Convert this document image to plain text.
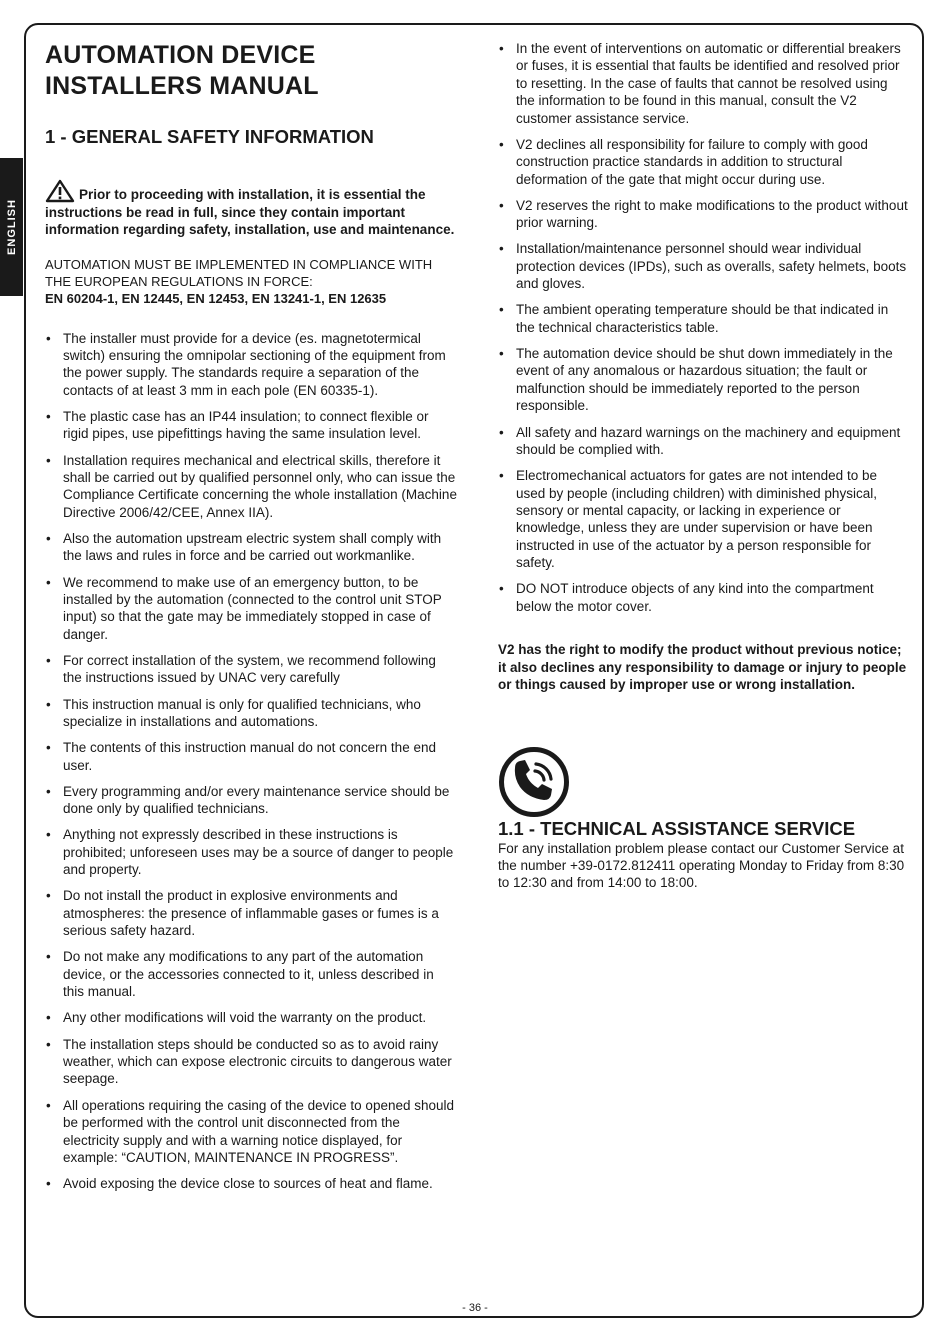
ENGLISH
AUTOMATION DEVICE
INSTALLERS MANUAL
1 - GENERAL SAFETY INFORMATION
Prior to proceeding with installation, it is essential the instructions be read in full, since they contain important information regarding safety, installation, use and maintenance.
AUTOMATION MUST BE IMPLEMENTED IN COMPLIANCE WITH
THE EUROPEAN REGULATIONS IN FORCE:
EN 60204-1, EN 12445, EN 12453, EN 13241-1, EN 12635
• The installer must provide for a device (es. magnetotermical switch) ensuring the omnipolar sectioning of the equipment from the power supply. The standards require a separation of the contacts of at least 3 mm in each pole (EN 60335-1).
• The plastic case has an IP44 insulation; to connect flexible or rigid pipes, use pipefittings having the same insulation level.
• Installation requires mechanical and electrical skills, therefore it shall be carried out by qualified personnel only, who can issue the Compliance Certificate concerning the whole installation (Machine Directive 2006/42/CEE, Annex IIA).
• Also the automation upstream electric system shall comply with the laws and rules in force and be carried out workmanlike.
• We recommend to make use of an emergency button, to be installed by the automation (connected to the control unit STOP input) so that the gate may be immediately stopped in case of danger.
• For correct installation of the system, we recommend following the instructions issued by UNAC very carefully
• This instruction manual is only for qualified technicians, who specialize in installations and automations.
• The contents of this instruction manual do not concern the end user.
• Every programming and/or every maintenance service should be done only by qualified technicians.
• Anything not expressly described in these instructions is prohibited; unforeseen uses may be a source of danger to people and property.
• Do not install the product in explosive environments and atmospheres: the presence of inflammable gases or fumes is a serious safety hazard.
• Do not make any modifications to any part of the automation device, or the accessories connected to it, unless described in this manual.
• Any other modifications will void the warranty on the product.
• The installation steps should be conducted so as to avoid rainy weather, which can expose electronic circuits to dangerous water seepage.
• All operations requiring the casing of the device to opened should be performed with the control unit disconnected from the electricity supply and with a warning notice displayed, for example: “CAUTION, MAINTENANCE IN PROGRESS”.
• Avoid exposing the device close to sources of heat and flame.
• In the event of interventions on automatic or differential breakers or fuses, it is essential that faults be identified and resolved prior to resetting. In the case of faults that cannot be resolved using the information to be found in this manual, consult the V2 customer assistance service.
• V2 declines all responsibility for failure to comply with good construction practice standards in addition to structural deformation of the gate that might occur during use.
• V2 reserves the right to make modifications to the product without prior warning.
• Installation/maintenance personnel should wear individual protection devices (IPDs), such as overalls, safety helmets, boots and gloves.
• The ambient operating temperature should be that indicated in the technical characteristics table.
• The automation device should be shut down immediately in the event of any anomalous or hazardous situation; the fault or malfunction should be immediately reported to the person responsible.
• All safety and hazard warnings on the machinery and equipment should be complied with.
• Electromechanical actuators for gates are not intended to be used by people (including children) with diminished physical, sensory or mental capacity, or lacking in experience or knowledge, unless they are under supervision or have been instructed in use of the actuator by a person responsible for safety.
• DO NOT introduce objects of any kind into the compartment below the motor cover.
V2 has the right to modify the product without previous notice; it also declines any responsibility to damage or injury to people or things caused by improper use or wrong installation.
1.1 - TECHNICAL ASSISTANCE SERVICE
For any installation problem please contact our Customer Service at the number +39-0172.812411 operating Monday to Friday from 8:30 to 12:30 and from 14:00 to 18:00.
- 36 -
